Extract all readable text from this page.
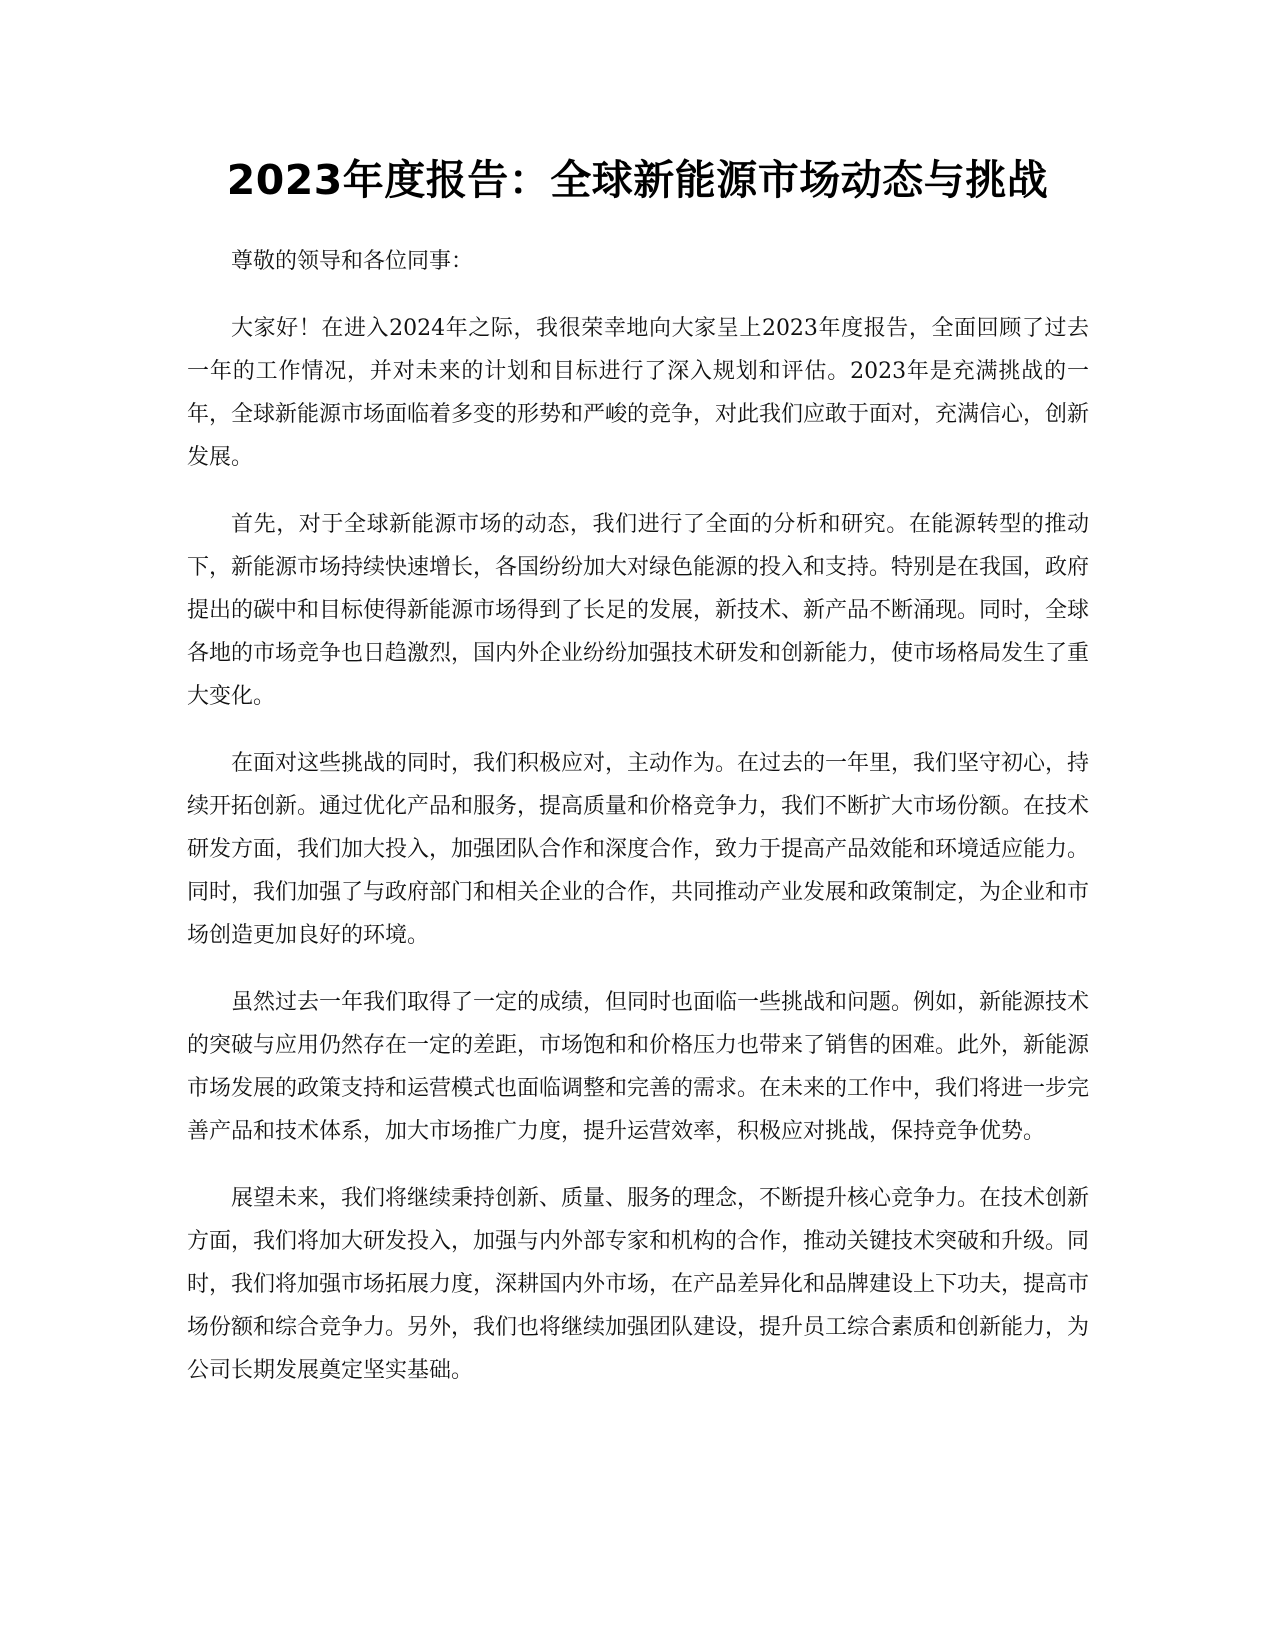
2023年度报告：全球新能源市场动态与挑战

尊敬的领导和各位同事：

大家好！在进入2024年之际，我很荣幸地向大家呈上2023年度报告，全面回顾了过去一年的工作情况，并对未来的计划和目标进行了深入规划和评估。2023年是充满挑战的一年，全球新能源市场面临着多变的形势和严峻的竞争，对此我们应敢于面对，充满信心，创新发展。

首先，对于全球新能源市场的动态，我们进行了全面的分析和研究。在能源转型的推动下，新能源市场持续快速增长，各国纷纷加大对绿色能源的投入和支持。特别是在我国，政府提出的碳中和目标使得新能源市场得到了长足的发展，新技术、新产品不断涌现。同时，全球各地的市场竞争也日趋激烈，国内外企业纷纷加强技术研发和创新能力，使市场格局发生了重大变化。

在面对这些挑战的同时，我们积极应对，主动作为。在过去的一年里，我们坚守初心，持续开拓创新。通过优化产品和服务，提高质量和价格竞争力，我们不断扩大市场份额。在技术研发方面，我们加大投入，加强团队合作和深度合作，致力于提高产品效能和环境适应能力。同时，我们加强了与政府部门和相关企业的合作，共同推动产业发展和政策制定，为企业和市场创造更加良好的环境。

虽然过去一年我们取得了一定的成绩，但同时也面临一些挑战和问题。例如，新能源技术的突破与应用仍然存在一定的差距，市场饱和和价格压力也带来了销售的困难。此外，新能源市场发展的政策支持和运营模式也面临调整和完善的需求。在未来的工作中，我们将进一步完善产品和技术体系，加大市场推广力度，提升运营效率，积极应对挑战，保持竞争优势。

展望未来，我们将继续秉持创新、质量、服务的理念，不断提升核心竞争力。在技术创新方面，我们将加大研发投入，加强与内外部专家和机构的合作，推动关键技术突破和升级。同时，我们将加强市场拓展力度，深耕国内外市场，在产品差异化和品牌建设上下功夫，提高市场份额和综合竞争力。另外，我们也将继续加强团队建设，提升员工综合素质和创新能力，为公司长期发展奠定坚实基础。
